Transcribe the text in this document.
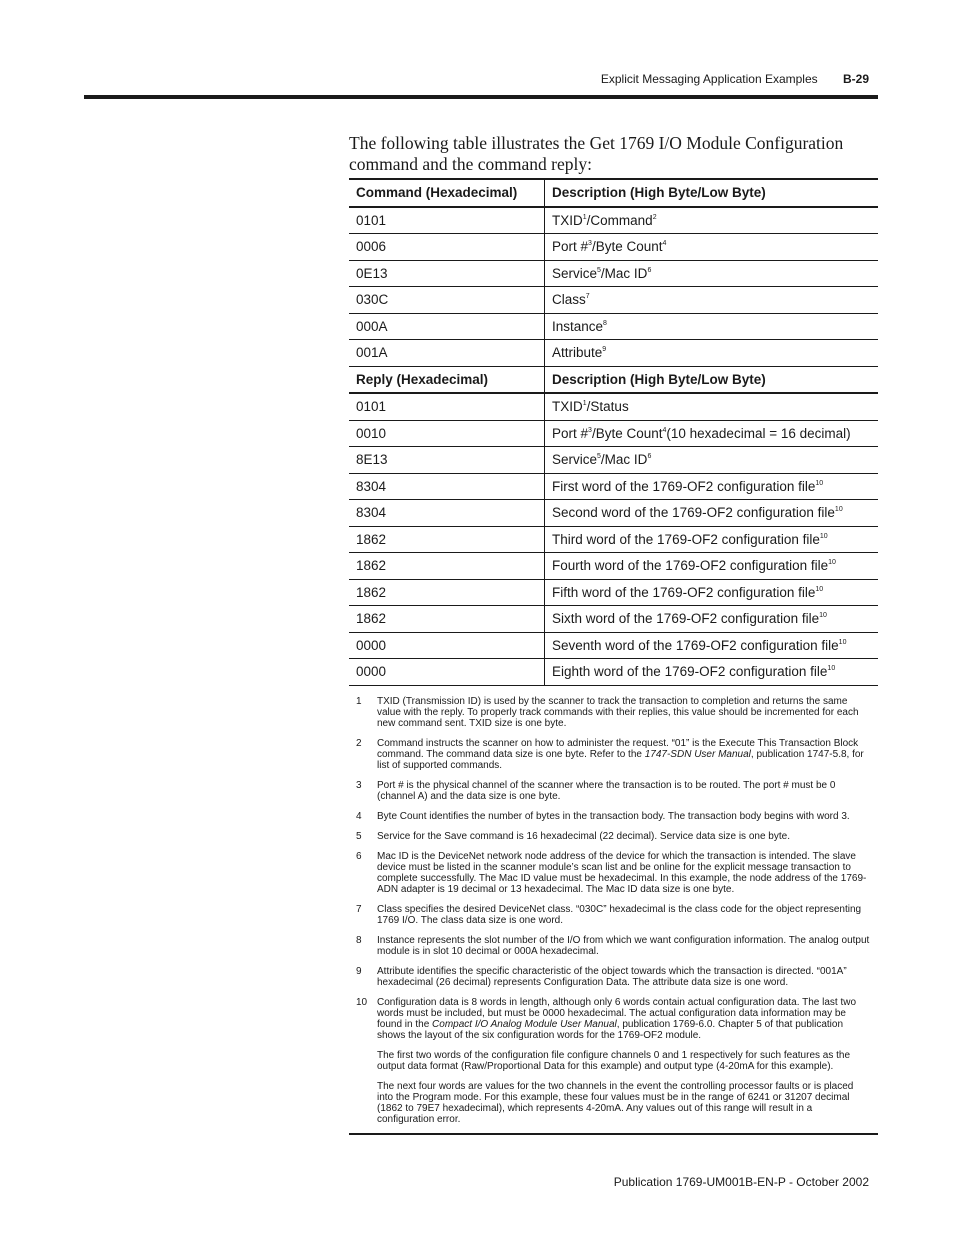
Explicit Messaging Application Examples B-29
The following table illustrates the Get 1769 I/O Module Configuration command and the command reply:
Command (Hexadecimal)	Description (High Byte/Low Byte)
0101	TXID$^1$/Command$^2$
0006	Port #$^3$/Byte Count$^4$
0E13	Service$^5$/Mac $ID^6$
030C	Class$^7$
000A	Instance$^8$
001A	Attribute$^9$
Reply (Hexadecimal)	Description (High Byte/Low Byte)
0101	TXID$^1$/Status
0010	Port #$^3$/Byte Count$^4$(10 hexadecimal = 16 decimal)
8E13	Service$^5$/Mac $ID^6$
8304	First word of the 1769-OF2 configuration file$^{10}$
8304	Second word of the 1769-OF2 configuration file$^{10}$
1862	Third word of the 1769-OF2 configuration file$^{10}$
1862	Fourth word of the 1769-OF2 configuration file$^{10}$
1862	Fifth word of the 1769-OF2 configuration file$^{10}$
1862	Sixth word of the 1769-OF2 configuration file$^{10}$
0000	Seventh word of the 1769-OF2 configuration file$^{10}$
0000	Eighth word of the 1769-OF2 configuration file$^{10}$
1 TXID (Transmission ID) is used by the scanner to track the transaction to completion and returns the same value with the reply. To properly track commands with their replies, this value should be incremented for each new command sent. TXID size is one byte.

2 Command instructs the scanner on how to administer the request. “01” is the Execute This Transaction Block command. The command data size is one byte. Refer to the 1747-SDN User Manual, publication 1747-5.8, for list of supported commands.

3 Port # is the physical channel of the scanner where the transaction is to be routed. The port # must be 0 (channel A) and the data size is one byte.

4 Byte Count identifies the number of bytes in the transaction body. The transaction body begins with word 3.

5 Service for the Save command is 16 hexadecimal (22 decimal). Service data size is one byte.

6 Mac ID is the DeviceNet network node address of the device for which the transaction is intended. The slave device must be listed in the scanner module’s scan list and be online for the explicit message transaction to complete successfully. The Mac ID value must be hexadecimal. In this example, the node address of the 1769-ADN adapter is 19 decimal or 13 hexadecimal. The Mac ID data size is one byte.

7 Class specifies the desired DeviceNet class. “030C” hexadecimal is the class code for the object representing 1769 I/O. The class data size is one word.

8 Instance represents the slot number of the I/O from which we want configuration information. The analog output module is in slot 10 decimal or 000A hexadecimal.

9 Attribute identifies the specific characteristic of the object towards which the transaction is directed. “001A” hexadecimal (26 decimal) represents Configuration Data. The attribute data size is one word.

10 Configuration data is 8 words in length, although only 6 words contain actual configuration data. The last two words must be included, but must be 0000 hexadecimal. The actual configuration data information may be found in the Compact I/O Analog Module User Manual, publication 1769-6.0. Chapter 5 of that publication shows the layout of the six configuration words for the 1769-OF2 module.

The first two words of the configuration file configure channels 0 and 1 respectively for such features as the output data format (Raw/Proportional Data for this example) and output type (4-20mA for this example).

The next four words are values for the two channels in the event the controlling processor faults or is placed into the Program mode. For this example, these four values must be in the range of 6241 or 31207 decimal (1862 to 79E7 hexadecimal), which represents 4-20mA. Any values out of this range will result in a configuration error.

Publication 1769-UM001B-EN-P - October 2002
